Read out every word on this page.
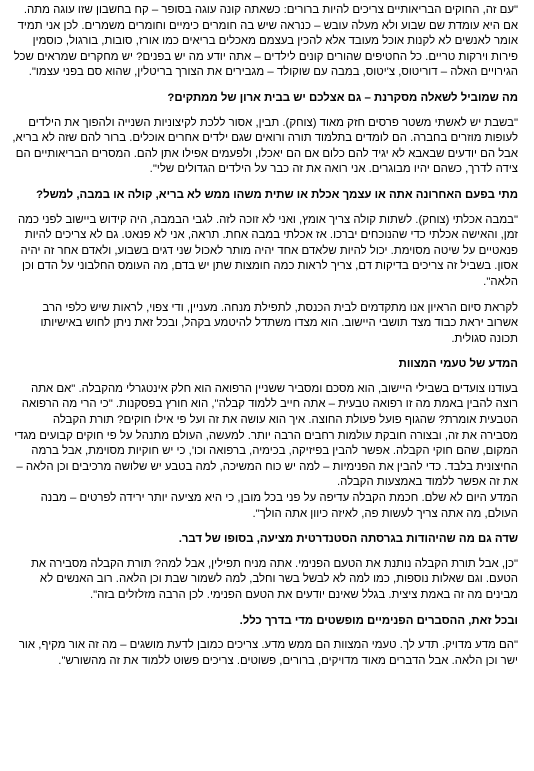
"עם זה, החוקים הבריאותיים צריכים להיות ברורים: כשאתה קונה עוגה בסופר – קח בחשבון שזו עוגה מתה. אם היא עומדת שם שבוע ולא מעלה עובש – כנראה שיש בה חומרים כימיים וחומרים משמרים. לכן אני תמיד אומר לאנשים לא לקנות אוכל מעובד אלא להכין בעצמם מאכלים בריאים כמו אורז, סובות, בורגול, כוסמין פירות וירקות טריים. כל החטיפים שהורים קונים לילדים – אתה יודע מה יש בפנים? יש מחקרים שמראים שכל הגירויים האלה – דוריטוס, צ'יטוס, במבה עם שוקולד – מגבירים את הצורך בריטלין, שהוא סם בפני עצמו".

מה שמוביל לשאלה מסקרנת – גם אצלכם יש בבית ארון של ממתקים?

"בשבת יש לאשתי משטר פרסים חזק מאוד (צוחק). תבין, אסור ללכת לקיצוניות השנייה ולהפוך את הילדים לעופות מוזרים בחברה. הם לומדים בתלמוד תורה ורואים שגם ילדים אחרים אוכלים. ברור להם שזה לא בריא, אבל הם יודעים שבאבא לא יגיד להם כלום אם הם יאכלו, ולפעמים אפילו אתן להם. המסרים הבריאותיים הם צידה לדרך, כשהם יהיו מבוגרים. אני רואה את זה כבר על הילדים הגדולים שלי".

מתי בפעם האחרונה אתה או עצמך אכלת או שתית משהו ממש לא בריא, קולה או במבה, למשל?

"במבה אכלתי (צוחק). לשתות קולה צריך אומץ, ואני לא זוכה לזה. לגבי הבמבה, היה קידוש ביישוב לפני כמה זמן, והאישה אכלתי כדי שהנוכחים יברכו. אז אכלתי במבה אחת. תראה, אני לא פנאט. גם לא צריכים להיות פנאטיים על שיטה מסוימת. יכול להיות שלאדם אחד יהיה מותר לאכול שני דגים בשבוע, ולאדם אחר זה יהיה אסון. בשביל זה צריכים בדיקות דם, צריך לראות כמה חומצות שתן יש בדם, מה העומס החלבוני על הדם וכן הלאה".

לקראת סיום הראיון אנו מתקדמים לבית הכנסת, לתפילת מנחה. מעניין, ודי צפוי, לראות שיש כלפי הרב אשרוב יראת כבוד מצד תושבי היישוב. הוא מצדו משתדל להיטמע בקהל, ובכל זאת ניתן לחוש באישיותו תכונה סגולית.

המדע של טעמי המצוות

בעודנו צועדים בשבילי היישוב, הוא מסכם ומסביר ששניין הרפואה הוא חלק אינטגרלי מהקבלה. "אם אתה רוצה להבין באמת מה זו רפואה טבעית – אתה חייב ללמוד קבלה", הוא חורץ בפסקנות. "כי הרי מה הרפואה הטבעית אומרת? שהגוף פועל פעולת החוצה. איך הוא עושה את זה ועל פי אילו חוקים? תורת הקבלה מסבירה את זה, ובצורה חובקת עולמות רחבים הרבה יותר. למעשה, העולם מתנהל על פי חוקים קבועים מגדי המקום, שהם חוקי הקבלה. אפשר להבין בפיזיקה, בכימיה, ברפואה וכו', כי יש חוקיות מסוימת, אבל ברמה החיצונית בלבד. כדי להבין את הפנימיות – למה יש כוח המשיכה, למה בטבע יש שלושה מרכיבים וכן הלאה – את זה אפשר ללמוד באמצעות הקבלה.

המדע היום לא שלם. חכמת הקבלה עדיפה על פני בכל מובן, כי היא מציעה יותר ירידה לפרטים – מבנה העולם, מה אתה צריך לעשות פה, לאיזה כיוון אתה הולך".

שדה גם מה שהיהודות בגרסתה הסטנדרטית מציעה, בסופו של דבר.

"כן, אבל תורת הקבלה נותנת את הטעם הפנימי. אתה מניח תפילין, אבל למה? תורת הקבלה מסבירה את הטעם. וגם שאלות נוספות, כמו למה לא לבשל בשר וחלב, למה לשמור שבת וכן הלאה. רוב האנשים לא מבינים מה זה באמת ציצית. בגלל שאינם יודעים את הטעם הפנימי. לכן הרבה מזלזלים בזה".

ובכל זאת, ההסברים הפנימיים מופשטים מדי בדרך כלל.

"הם מדע מדויק. תדע לך. טעמי המצוות הם ממש מדע. צריכים כמובן לדעת מושגים – מה זה אור מקיף, אור ישר וכן הלאה. אבל הדברים מאוד מדויקים, ברורים, פשוטים. צריכים פשוט ללמוד את זה מהשורש".
